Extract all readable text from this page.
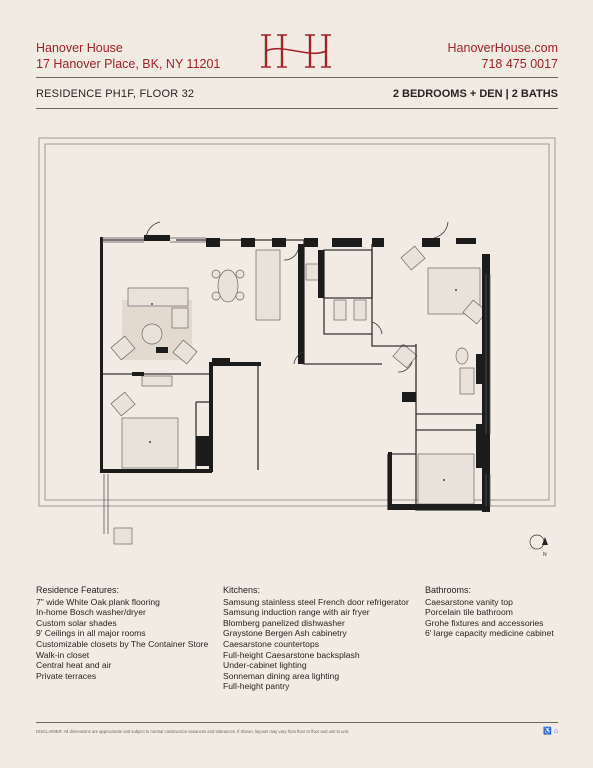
Hanover House
17 Hanover Place, BK, NY 11201
HanoverHouse.com
718 475 0017
RESIDENCE PH1F, FLOOR 32	2 BEDROOMS + DEN | 2 BATHS
N
Residence Features:
7" wide White Oak plank flooring
In-home Bosch washer/dryer
Custom solar shades
9' Ceilings in all major rooms
Customizable closets by The Container Store
Walk-in closet
Central heat and air
Private terraces
Kitchens:
Samsung stainless steel French door refrigerator
Samsung induction range with air fryer
Blomberg panelized dishwasher
Graystone Bergen Ash cabinetry
Caesarstone countertops
Full-height Caesarstone backsplash
Under-cabinet lighting
Sonneman dining area lighting
Full-height pantry
Bathrooms:
Caesarstone vanity top
Porcelain tile bathroom
Grohe fixtures and accessories
6' large capacity medicine cabinet
DISCLAIMER: All dimensions are approximate and subject to normal construction variances and tolerances. If shown, layouts may vary from floor to floor and unit to unit.	♿ ⌂
